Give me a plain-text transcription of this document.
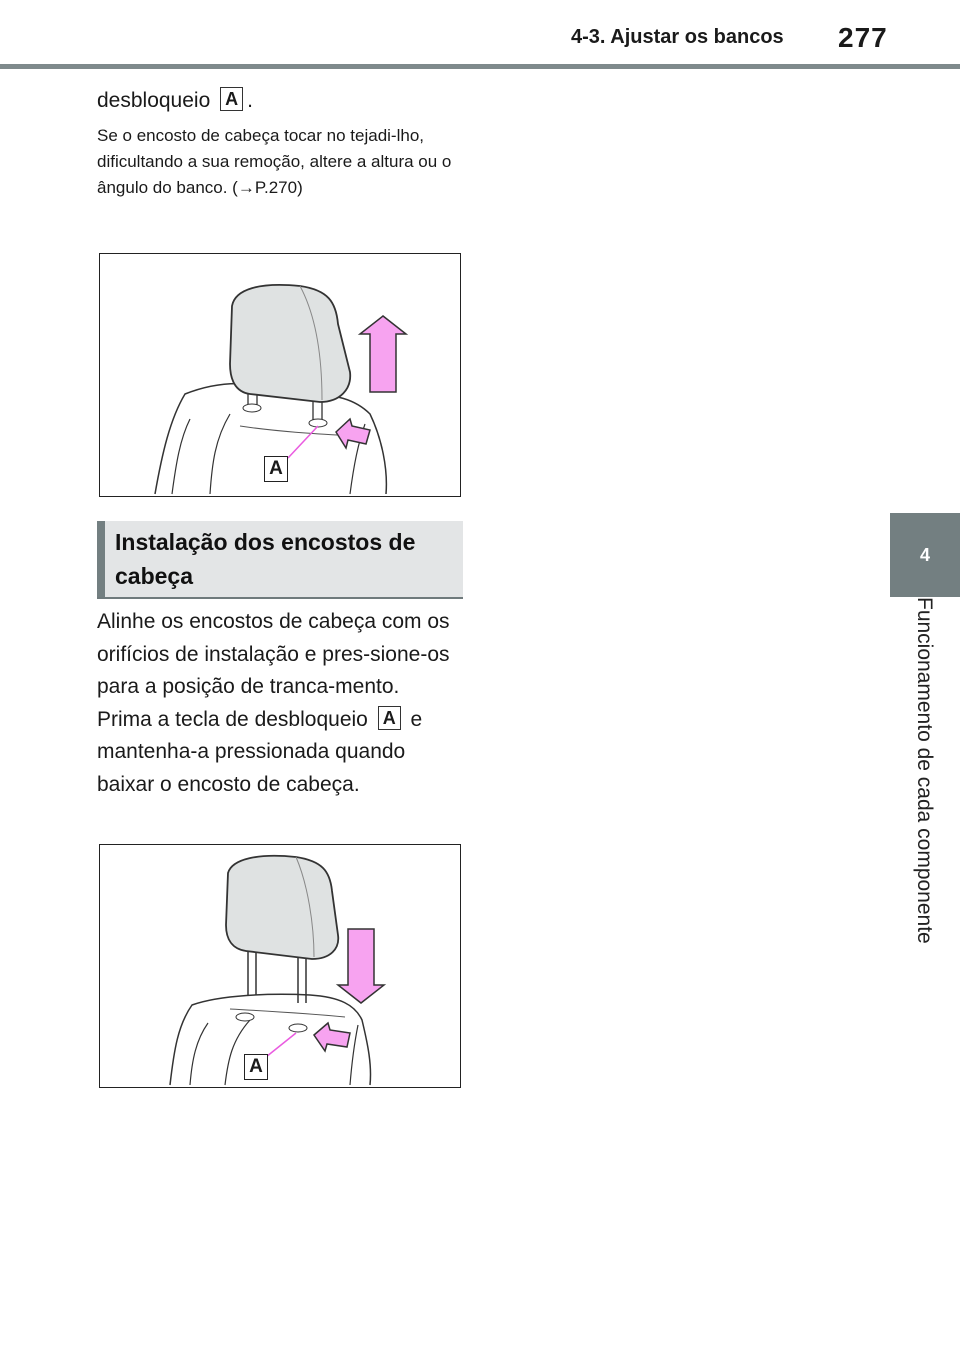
4-3. Ajustar os bancos 277
4
Funcionamento de cada componente
desbloqueio A .
Se o encosto de cabeça tocar no tejadi-lho, dificultando a sua remoção, altere a altura ou o ângulo do banco. (→P.270)
A
Instalação dos encostos de cabeça
Alinhe os encostos de cabeça com os orifícios de instalação e pres-sione-os para a posição de tranca-mento.
Prima a tecla de desbloqueio A e mantenha-a pressionada quando baixar o encosto de cabeça.
A
